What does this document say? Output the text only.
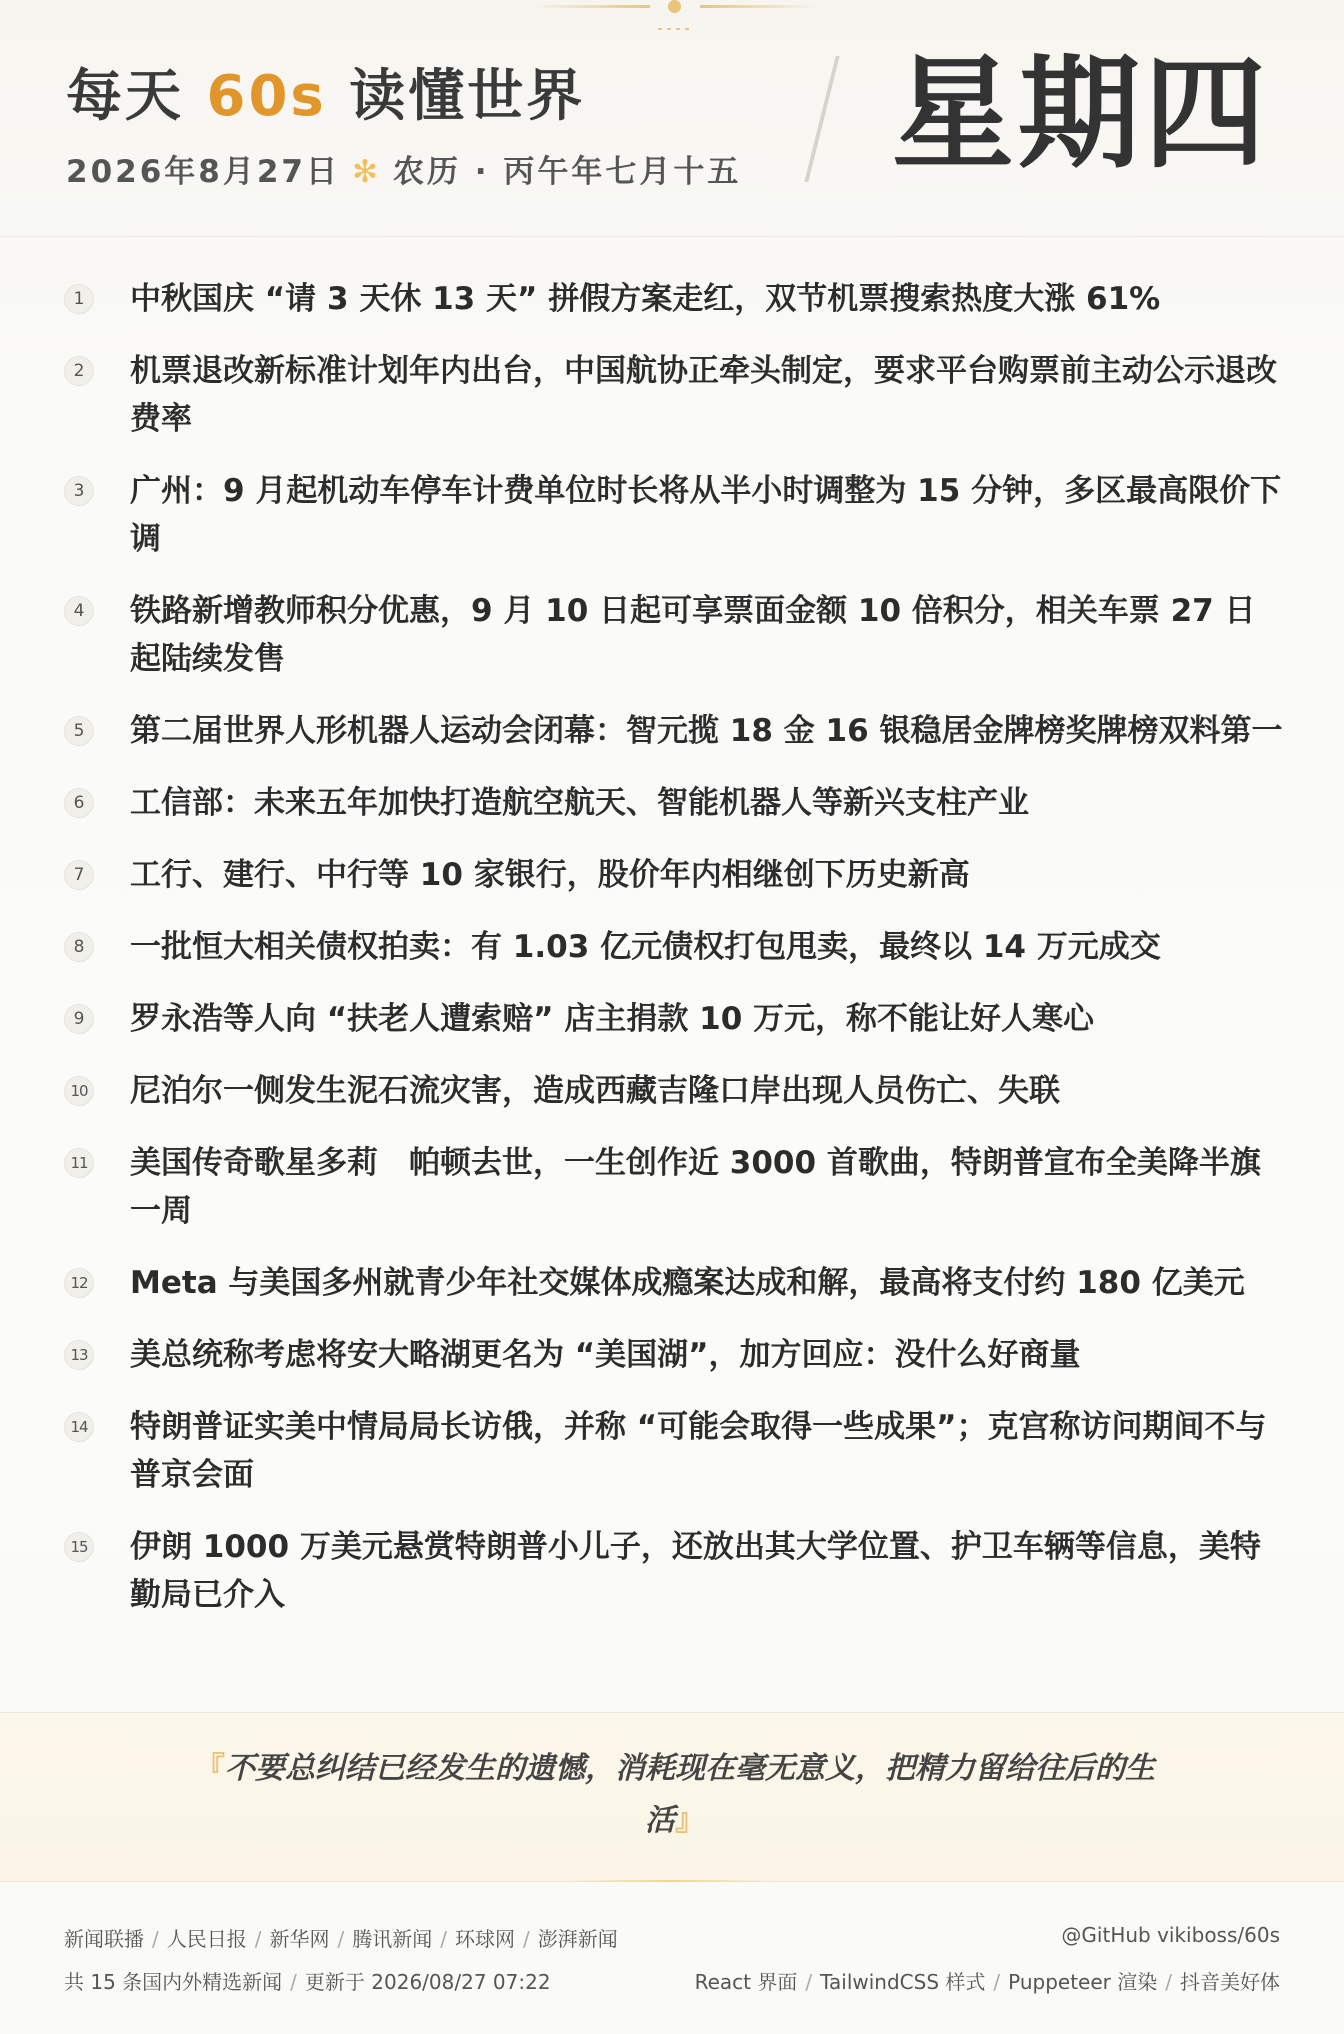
每天 60s 读懂世界
2026年8月27日 ✻ 农历 · 丙午年七月十五 星期四
1	中秋国庆 “请 3 天休 13 天” 拼假方案走红，双节机票搜索热度大涨 61%
2	机票退改新标准计划年内出台，中国航协正牵头制定，要求平台购票前主动公示退改费率
3	广州：9 月起机动车停车计费单位时长将从半小时调整为 15 分钟，多区最高限价下调
4	铁路新增教师积分优惠，9 月 10 日起可享票面金额 10 倍积分，相关车票 27 日起陆续发售
5	第二届世界人形机器人运动会闭幕：智元揽 18 金 16 银稳居金牌榜奖牌榜双料第一
6	工信部：未来五年加快打造航空航天、智能机器人等新兴支柱产业
7	工行、建行、中行等 10 家银行，股价年内相继创下历史新高
8	一批恒大相关债权拍卖：有 1.03 亿元债权打包甩卖，最终以 14 万元成交
9	罗永浩等人向 “扶老人遭索赔” 店主捐款 10 万元，称不能让好人寒心
10 尼泊尔一侧发生泥石流灾害，造成西藏吉隆口岸出现人员伤亡、失联
11 美国传奇歌星多莉　帕顿去世，一生创作近 3000 首歌曲，特朗普宣布全美降半旗一周
12 Meta 与美国多州就青少年社交媒体成瘾案达成和解，最高将支付约 180 亿美元
13 美总统称考虑将安大略湖更名为 “美国湖”，加方回应：没什么好商量
14 特朗普证实美中情局局长访俄，并称 “可能会取得一些成果”；克宫称访问期间不与普京会面
15 伊朗 1000 万美元悬赏特朗普小儿子，还放出其大学位置、护卫车辆等信息，美特勤局已介入
『不要总纠结已经发生的遗憾，消耗现在毫无意义，把精力留给往后的生活』
新闻联播 / 人民日报 / 新华网 / 腾讯新闻 / 环球网 / 澎湃新闻	@GitHub vikiboss/60s
共 15 条国内外精选新闻 / 更新于 2026/08/27 07:22	React 界面 / TailwindCSS 样式 / Puppeteer 渲染 / 抖音美好体
